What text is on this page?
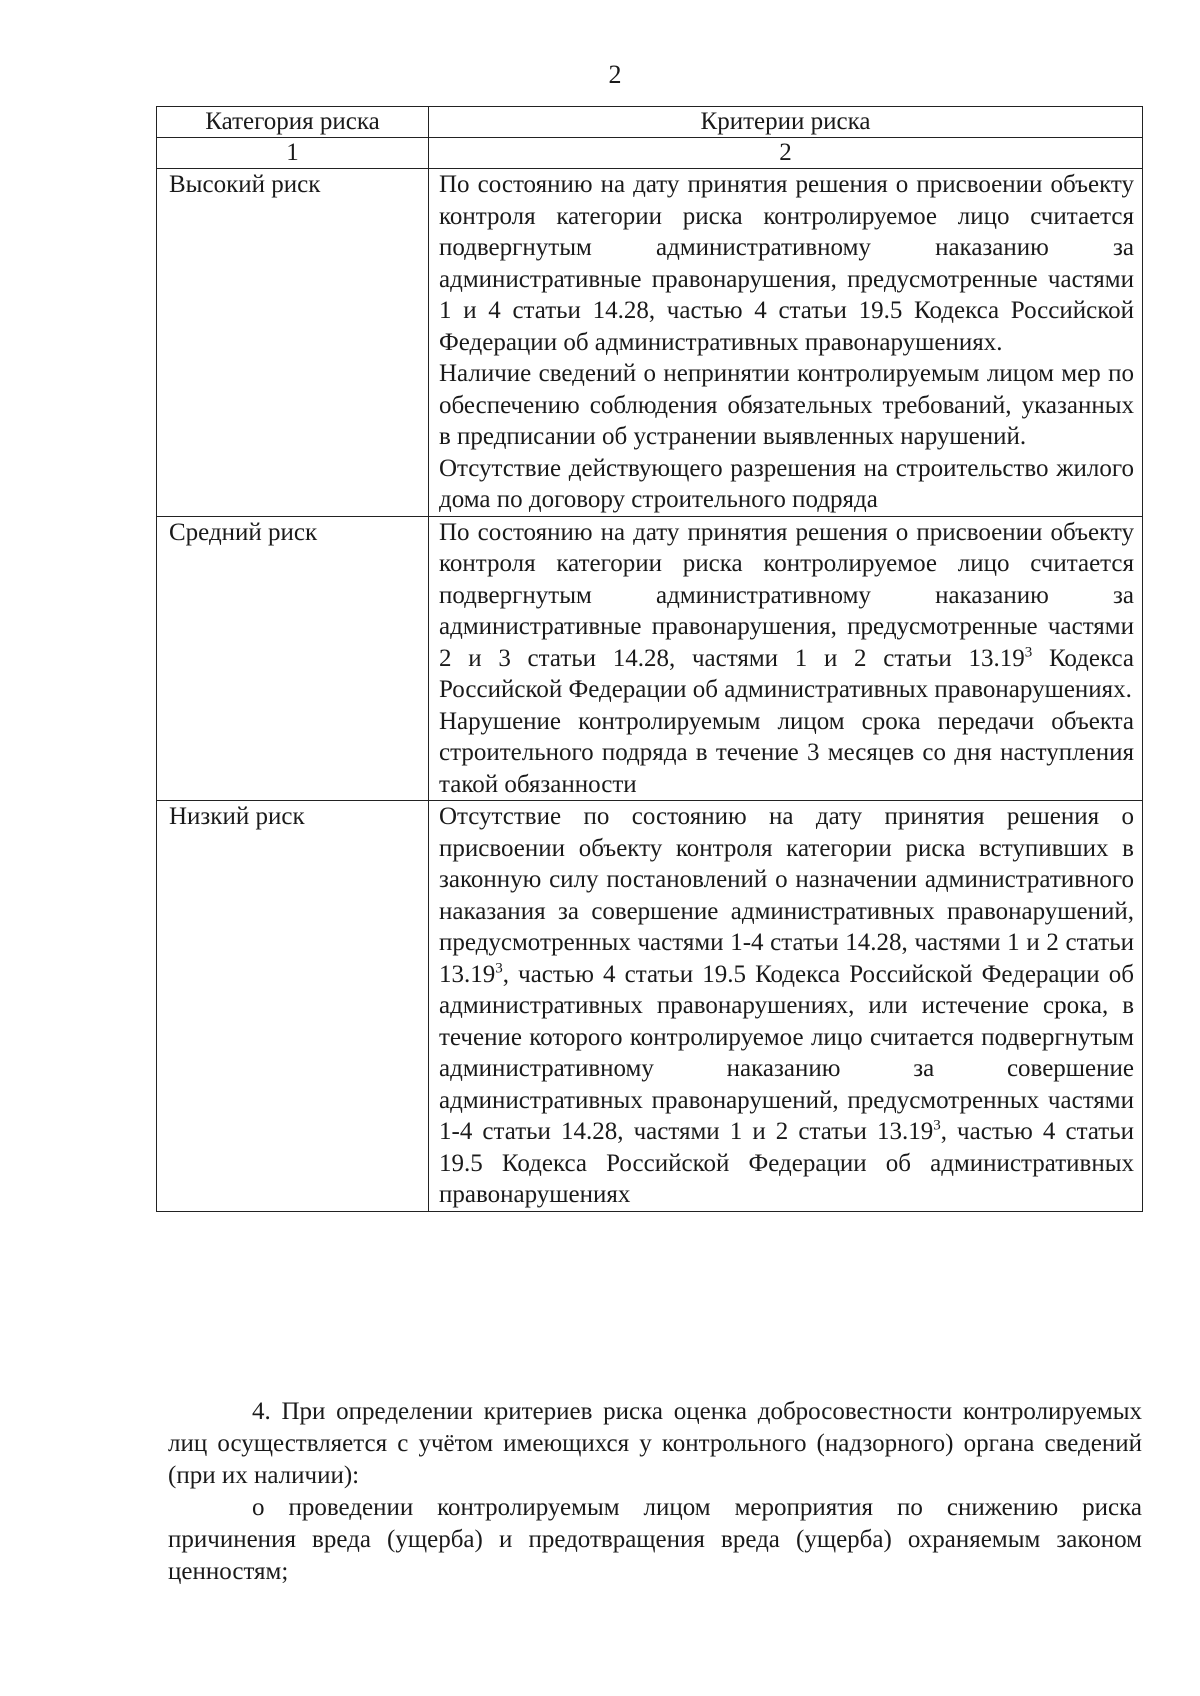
2
Категория риска	Критерии риска
1	2
Высокий риск	По состоянию на дату принятия решения о присвоении объекту контроля категории риска контролируемое лицо считается подвергнутым административному наказанию за административные правонарушения, предусмотренные частями 1 и 4 статьи 14.28, частью 4 статьи 19.5 Кодекса Российской Федерации об административных правонарушениях.

Наличие сведений о непринятии контролируемым лицом мер по обеспечению соблюдения обязательных требований, указанных в предписании об устранении выявленных нарушений.

Отсутствие действующего разрешения на строительство жилого дома по договору строительного подряда

Средний риск	По состоянию на дату принятия решения о присвоении объекту контроля категории риска контролируемое лицо считается подвергнутым административному наказанию за административные правонарушения, предусмотренные частями 2 и 3 статьи 14.28, частями 1 и 2 статьи 13.19$^3$ Кодекса Российской Федерации об административных правонарушениях.

Нарушение контролируемым лицом срока передачи объекта строительного подряда в течение 3 месяцев со дня наступления такой обязанности

Низкий риск	Отсутствие по состоянию на дату принятия решения о присвоении объекту контроля категории риска вступивших в законную силу постановлений о назначении административного наказания за совершение административных правонарушений, предусмотренных частями 1-4 статьи 14.28, частями 1 и 2 статьи 13.19$^3$, частью 4 статьи 19.5 Кодекса Российской Федерации об административных правонарушениях, или истечение срока, в течение которого контролируемое лицо считается подвергнутым административному наказанию за совершение административных правонарушений, предусмотренных частями 1-4 статьи 14.28, частями 1 и 2 статьи 13.19$^3$, частью 4 статьи 19.5 Кодекса Российской Федерации об административных правонарушениях

4. При определении критериев риска оценка добросовестности контролируемых лиц осуществляется с учётом имеющихся у контрольного (надзорного) органа сведений (при их наличии):

о проведении контролируемым лицом мероприятия по снижению риска причинения вреда (ущерба) и предотвращения вреда (ущерба) охраняемым законом ценностям;
